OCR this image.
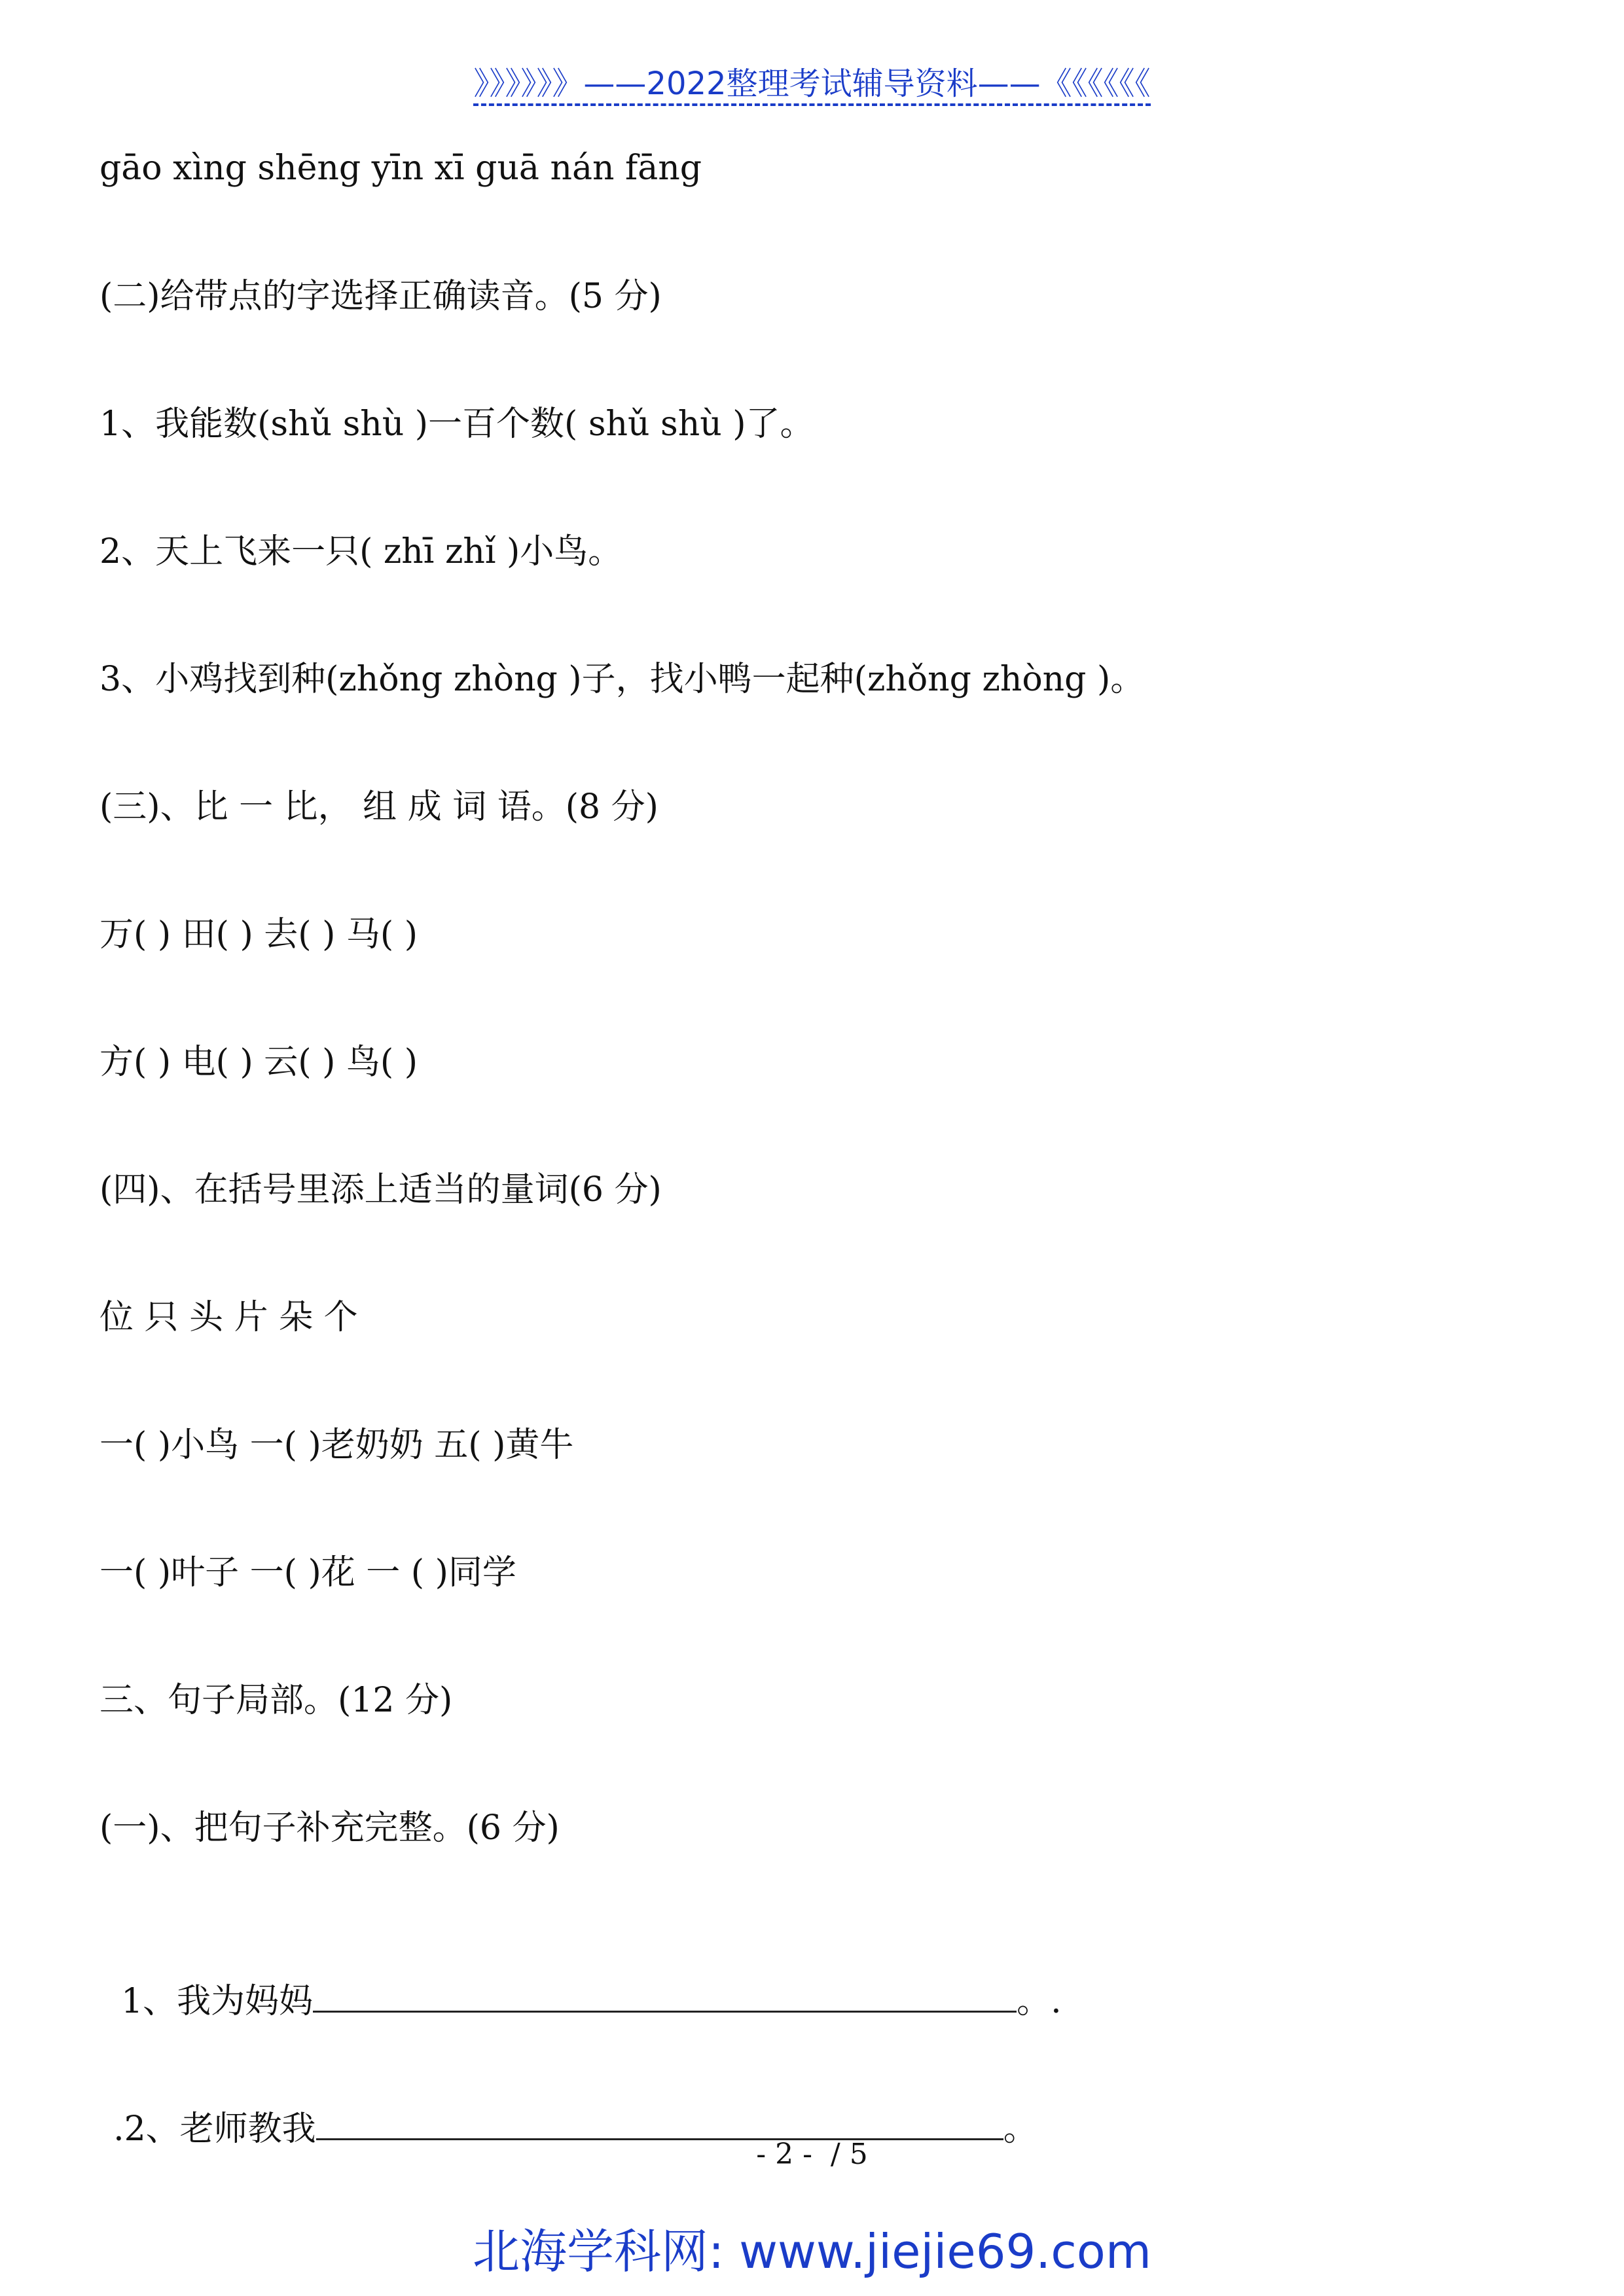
》》》》》》——2022整理考试辅导资料——《《《《《《
gāo xìng shēng yīn xī guā nán fāng
(二)给带点的字选择正确读音。(5 分)
1、我能数(shǔ shù )一百个数( shǔ shù )了。
2、天上飞来一只( zhī zhǐ )小鸟。
3、小鸡找到种(zhǒng zhòng )子，找小鸭一起种(zhǒng zhòng )。
(三)、比 一 比， 组 成 词 语。(8 分)
万( ) 田( ) 去( ) 马( )
方( ) 电( ) 云( ) 鸟( )
(四)、在括号里添上适当的量词(6 分)
位 只 头 片 朵 个
一( )小鸟 一( )老奶奶 五( )黄牛
一( )叶子 一( )花 一 ( )同学
三、句子局部。(12 分)
(一)、把句子补充完整。(6 分)

1、我为妈妈	。.

.2、老师教我	。

- 2 -  / 5
北海学科网: www.jiejie69.com
